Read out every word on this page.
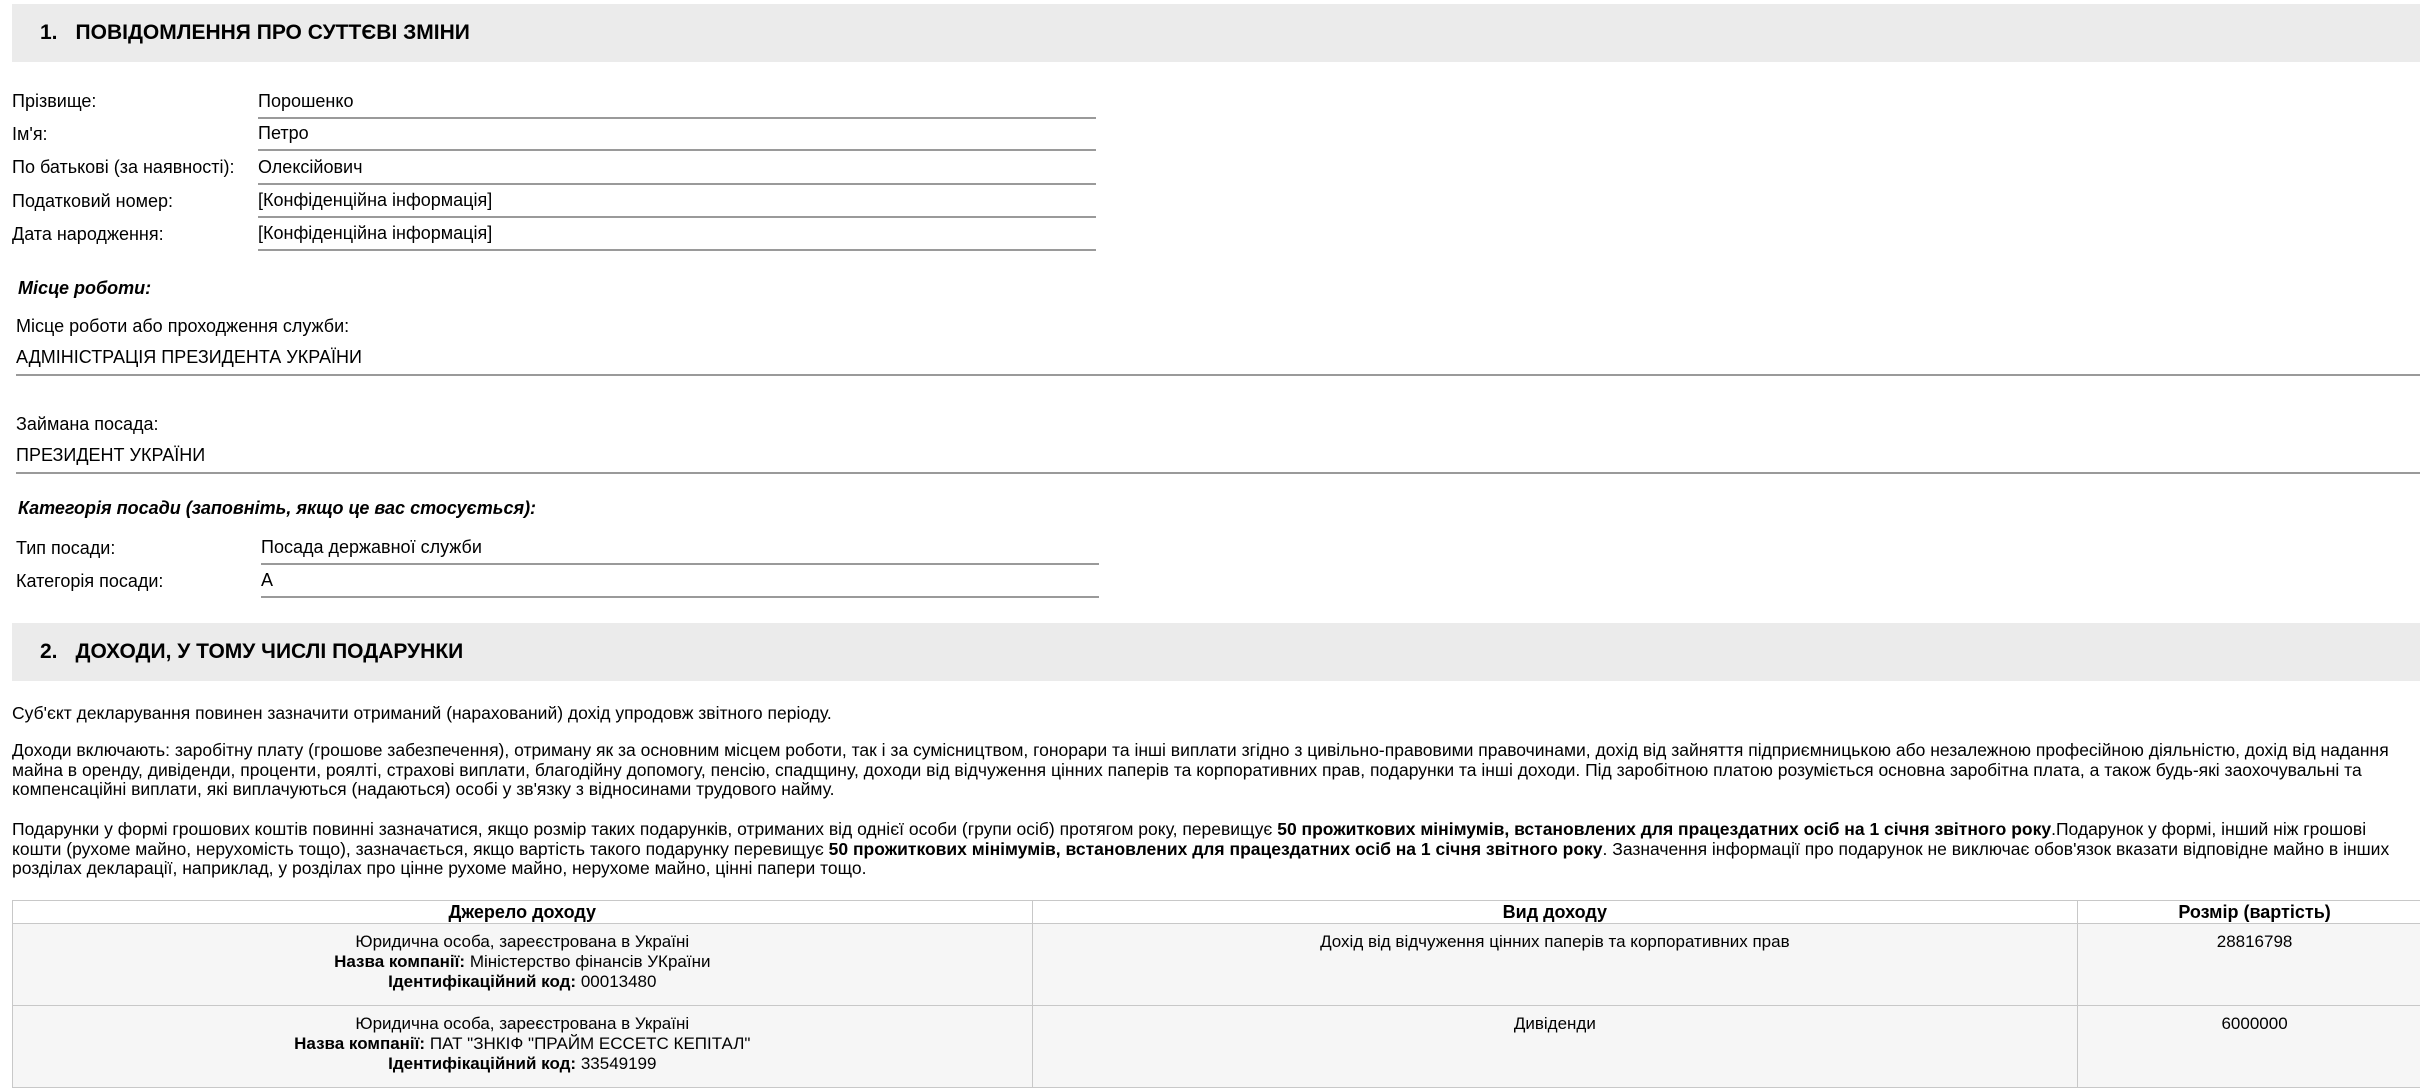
1. ПОВІДОМЛЕННЯ ПРО СУТТЄВІ ЗМІНИ
Прізвище:	Порошенко
Ім'я:	Петро
По батькові (за наявності): Олексійович
Податковий номер:	[Конфіденційна інформація]
Дата народження:	[Конфіденційна інформація]
Місце роботи:
Місце роботи або проходження служби:
АДМІНІСТРАЦІЯ ПРЕЗИДЕНТА УКРАЇНИ
Займана посада:
ПРЕЗИДЕНТ УКРАЇНИ
Категорія посади (заповніть, якщо це вас стосується):
Тип посади:	Посада державної служби
Категорія посади:	А
2. ДОХОДИ, У ТОМУ ЧИСЛІ ПОДАРУНКИ
Суб'єкт декларування повинен зазначити отриманий (нарахований) дохід упродовж звітного періоду.
Доходи включають: заробітну плату (грошове забезпечення), отриману як за основним місцем роботи, так і за сумісництвом, гонорари та інші виплати згідно з цивільно-правовими правочинами, дохід від зайняття підприємницькою або незалежною професійною діяльністю, дохід від надання майна в оренду, дивіденди, проценти, роялті, страхові виплати, благодійну допомогу, пенсію, спадщину, доходи від відчуження цінних паперів та корпоративних прав, подарунки та інші доходи. Під заробітною платою розуміється основна заробітна плата, а також будь-які заохочувальні та компенсаційні виплати, які виплачуються (надаються) особі у зв'язку з відносинами трудового найму.
Подарунки у формі грошових коштів повинні зазначатися, якщо розмір таких подарунків, отриманих від однієї особи (групи осіб) протягом року, перевищує 50 прожиткових мінімумів, встановлених для працездатних осіб на 1 січня звітного року.Подарунок у формі, інший ніж грошові кошти (рухоме майно, нерухомість тощо), зазначається, якщо вартість такого подарунку перевищує 50 прожиткових мінімумів, встановлених для працездатних осіб на 1 січня звітного року. Зазначення інформації про подарунок не виключає обов'язок вказати відповідне майно в інших розділах декларації, наприклад, у розділах про цінне рухоме майно, нерухоме майно, цінні папери тощо.
Джерело доходу	Вид доходу	Розмір (вартість)

Юридична особа, зареєстрована в Україні
Назва компанії: Міністерство фінансів УКраїни
Ідентифікаційний код: 00013480	Дохід від відчуження цінних паперів та корпоративних прав	28816798

Юридична особа, зареєстрована в Україні
Назва компанії: ПАТ "ЗНКІФ "ПРАЙМ ЕССЕТС КЕПІТАЛ"
Ідентифікаційний код: 33549199	Дивіденди	6000000
